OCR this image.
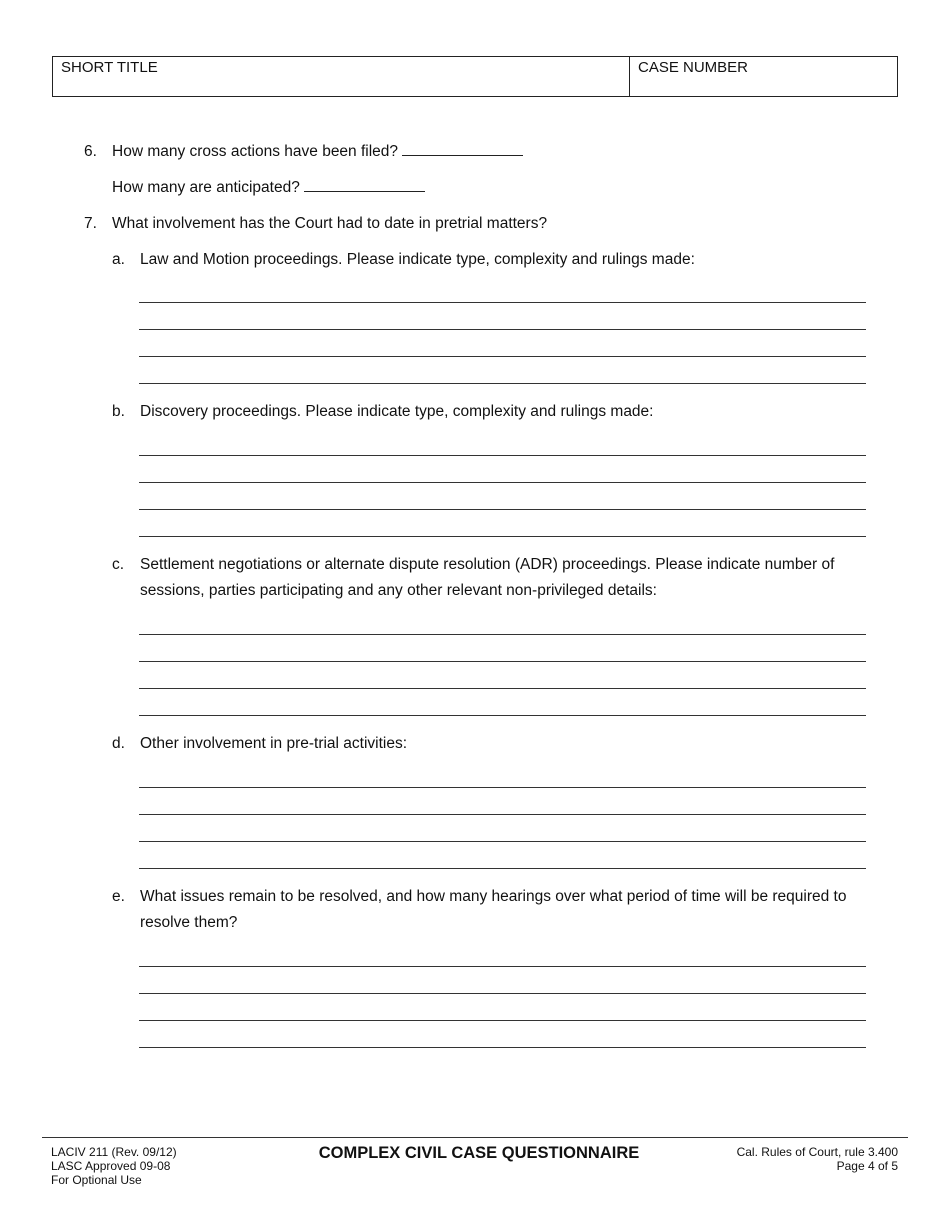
SHORT TITLE	CASE NUMBER
6. How many cross actions have been filed?
How many are anticipated?
7. What involvement has the Court had to date in pretrial matters?
a. Law and Motion proceedings. Please indicate type, complexity and rulings made:
b. Discovery proceedings. Please indicate type, complexity and rulings made:
c. Settlement negotiations or alternate dispute resolution (ADR) proceedings. Please indicate number of
sessions, parties participating and any other relevant non-privileged details:
d. Other involvement in pre-trial activities:
e. What issues remain to be resolved, and how many hearings over what period of time will be required to
resolve them?
LACIV 211 (Rev. 09/12)
LASC Approved 09-08
For Optional Use
COMPLEX CIVIL CASE QUESTIONNAIRE	Cal. Rules of Court, rule 3.400
Page 4 of 5
